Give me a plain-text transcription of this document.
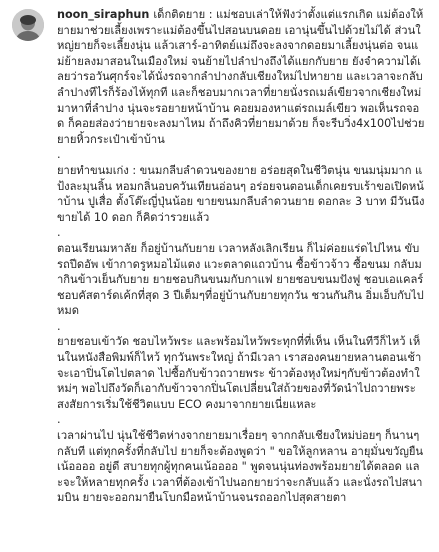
noon_siraphun เด็กติดยาย : แม่ชอบเล่าให้ฟังว่าตั้งแต่แรกเกิด แม่ต้องให้ยายมาช่วยเลี้ยงเพราะแม่ต้องขึ้นไปสอนบนดอย เอานุ่นขึ้นไปด้วยไม่ได้ ส่วนใหญ่ยายก็จะเลี้ยงนุ่น แล้วเสาร์-อาทิตย์แม่ถึงจะลงจากดอยมาเลี้ยงนุ่นต่อ จนแม่ย้ายลงมาสอนในเมืองใหม่ จนย้ายไปลำปางถึงได้แยกกับยาย ยังจำความได้เลยว่ารอวันศุกร์จะได้นั่งรถจากลำปางกลับเชียงใหม่ไปหายาย และเวลาจะกลับลำปางทีไรก็ร้องไห้ทุกที และก็ชอบมากเวลาที่ยายนั่งรถเมล์เขียวจากเชียงใหม่มาหาที่ลำปาง นุ่นจะรอยายหน้าบ้าน คอยมองหาแต่รถเมล์เขียว พอเห็นรถจอด ก็คอยส่องว่ายายจะลงมาไหม ถ้าถึงคิวที่ยายมาด้วย ก็จะรีบวิ่ง4x100ไปช่วยยายหิ้วกระเป๋าเข้าบ้าน

.

ยายทำขนมเก่ง : ขนมกลีบลำดวนของยาย อร่อยสุดในชีวิตนุ่น ขนมนุ่มมาก แป้งละมุนลิ้น หอมกลิ่นอบควันเทียนอ่อนๆ อร่อยจนตอนเด็กเคยรบเร้าขอเปิดหน้าบ้าน ปูเสื่อ ตั้งโต๊ะญี่ปุ่นน้อย ขายขนมกลีบลำดวนยาย ดอกละ 3 บาท มีวันนึงขายได้ 10 ดอก ก็คิดว่ารวยแล้ว

.

ตอนเรียนมหาลัย ก็อยู่บ้านกับยาย เวลาหลังเลิกเรียน ก็ไม่ค่อยแร่ดไปไหน ขับรถปีดอัพ เข้ากาดรูหมอไม้แตง แวะตลาดแถวบ้าน ซื้อข้าวจ้าว ซื้อขนม กลับมากินข้าวเย็นกับยาย ยายชอบกินขนมกับกาแฟ ยายชอบขนมปังฟู ชอบเอแคลร์ ชอบคัสตาร์ดเค้กที่สุด 3 ปีเต็มๆที่อยู่บ้านกับยายทุกวัน ชวนกันกิน อิ่มเอ็บกับไปหมด

.

ยายชอบเข้าวัด ชอบไหว้พระ และพร้อมไหว้พระทุกที่ที่เห็น เห็นในทีวีก็ไหว้ เห็นในหนังสือพิมพ์ก็ไหว้ ทุกวันพระใหญ่ ถ้ามีเวลา เราสองคนยายหลานตอนเช้าจะเอาปิ่นโตไปตลาด ไปซื้อกับข้าวถวายพระ ข้าวต้องหุงใหม่ๆกับข้าวต้องทำใหม่ๆ พอไปถึงวัดก็เอากับข้าวจากปิ่นโตเปลี่ยนใส่ถ้วยของที่วัดนำไปถวายพระ สงสัยการเริ่มใช้ชีวิตแบบ ECO คงมาจากยายเนี่ยแหละ

.

เวลาผ่านไป นุ่นใช้ชีวิตห่างจากยายมาเรื่อยๆ จากกลับเชียงใหม่บ่อยๆ ก็นานๆกลับที แต่ทุกครั้งที่กลับไป ยายก็จะต้องพูดว่า " ขอให้ลูกหลาน อายุมั่นขวัญยืนเน้ออออ อยู่ดี สบายทุกผู้ทุกคนเน้ออออ " พูดจนนุ่นท่องพร้อมยายได้ตลอด และจะให้หลายทุกครั้ง เวลาที่ต้องเข้าไปนอกยายว่าจะกลับแล้ว และนั่งรถไปสนามบิน ยายจะออกมายืนโบกมือหน้าบ้านจนรถออกไปสุดสายตา
